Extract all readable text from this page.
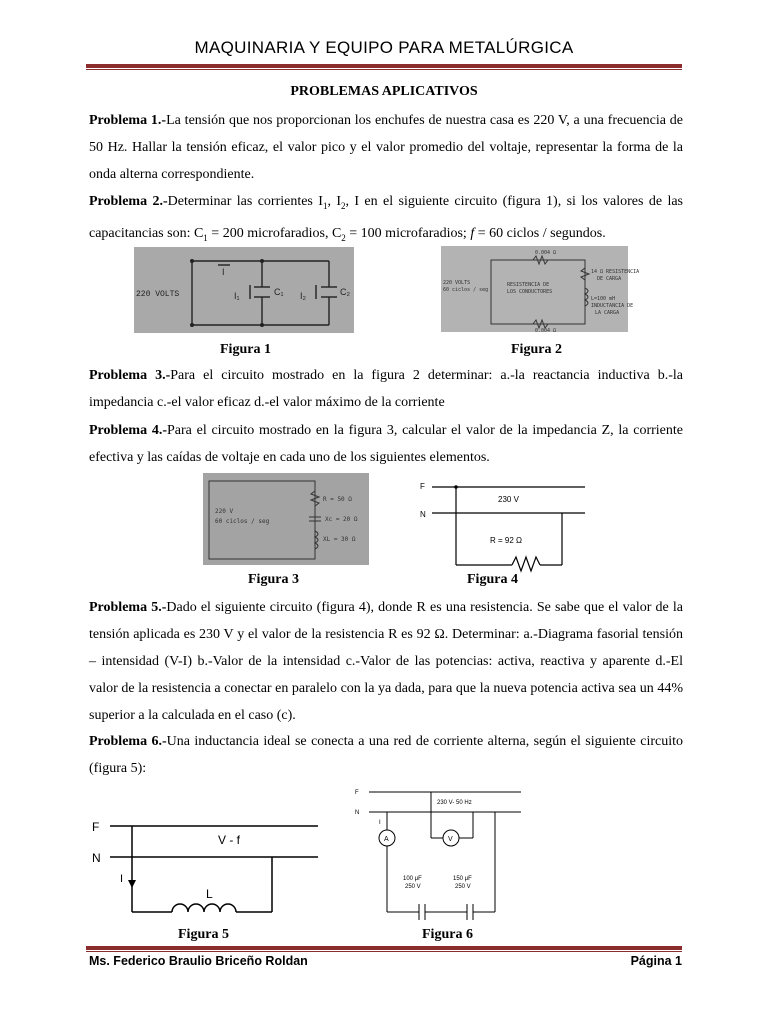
MAQUINARIA Y EQUIPO PARA METALÚRGICA
PROBLEMAS APLICATIVOS
Problema 1.-La tensión que nos proporcionan los enchufes de nuestra casa es 220 V, a una frecuencia de 50 Hz. Hallar la tensión eficaz, el valor pico y el valor promedio del voltaje, representar la forma de la onda alterna correspondiente.
Problema 2.-Determinar las corrientes $I_1$, $I_2$, I en el siguiente circuito (figura 1), si los valores de las capacitancias son: $C_1 = 200$ microfaradios, $C_2 = 100$ microfaradios; f = 60 ciclos / segundos.
220 VOLTS
I
I₁	C₁ I₂	C₂
0.004 Ω
220 VOLTS
60 ciclos / seg
RESISTENCIA DE
LOS CONDUCTORES
14 Ω RESISTENCIA
DE CARGA
L=100 mH
INDUCTANCIA DE
LA CARGA
0.004 Ω
Figura 1	Figura 2
Problema 3.-Para el circuito mostrado en la figura 2 determinar: a.-la reactancia inductiva b.-la impedancia c.-el valor eficaz d.-el valor máximo de la corriente
Problema 4.-Para el circuito mostrado en la figura 3, calcular el valor de la impedancia Z, la corriente efectiva y las caídas de voltaje en cada uno de los siguientes elementos.
220 V
60 ciclos / seg
R = 50 Ω
Xc = 20 Ω
XL = 30 Ω
F
N
230 V
R = 92 Ω
Figura 3	Figura 4
Problema 5.-Dado el siguiente circuito (figura 4), donde R es una resistencia. Se sabe que el valor de la tensión aplicada es 230 V y el valor de la resistencia R es 92 Ω. Determinar: a.-Diagrama fasorial tensión – intensidad (V-I) b.-Valor de la intensidad c.-Valor de las potencias: activa, reactiva y aparente d.-El valor de la resistencia a conectar en paralelo con la ya dada, para que la nueva potencia activa sea un 44% superior a la calculada en el caso (c).
Problema 6.-Una inductancia ideal se conecta a una red de corriente alterna, según el siguiente circuito (figura 5):
F
N
V - f
I
L
F
N
230 V- 50 Hz
I
A	V
100 μF
250 V
150 μF
250 V
Figura 5	Figura 6
Ms. Federico Braulio Briceño Roldan	Página 1
